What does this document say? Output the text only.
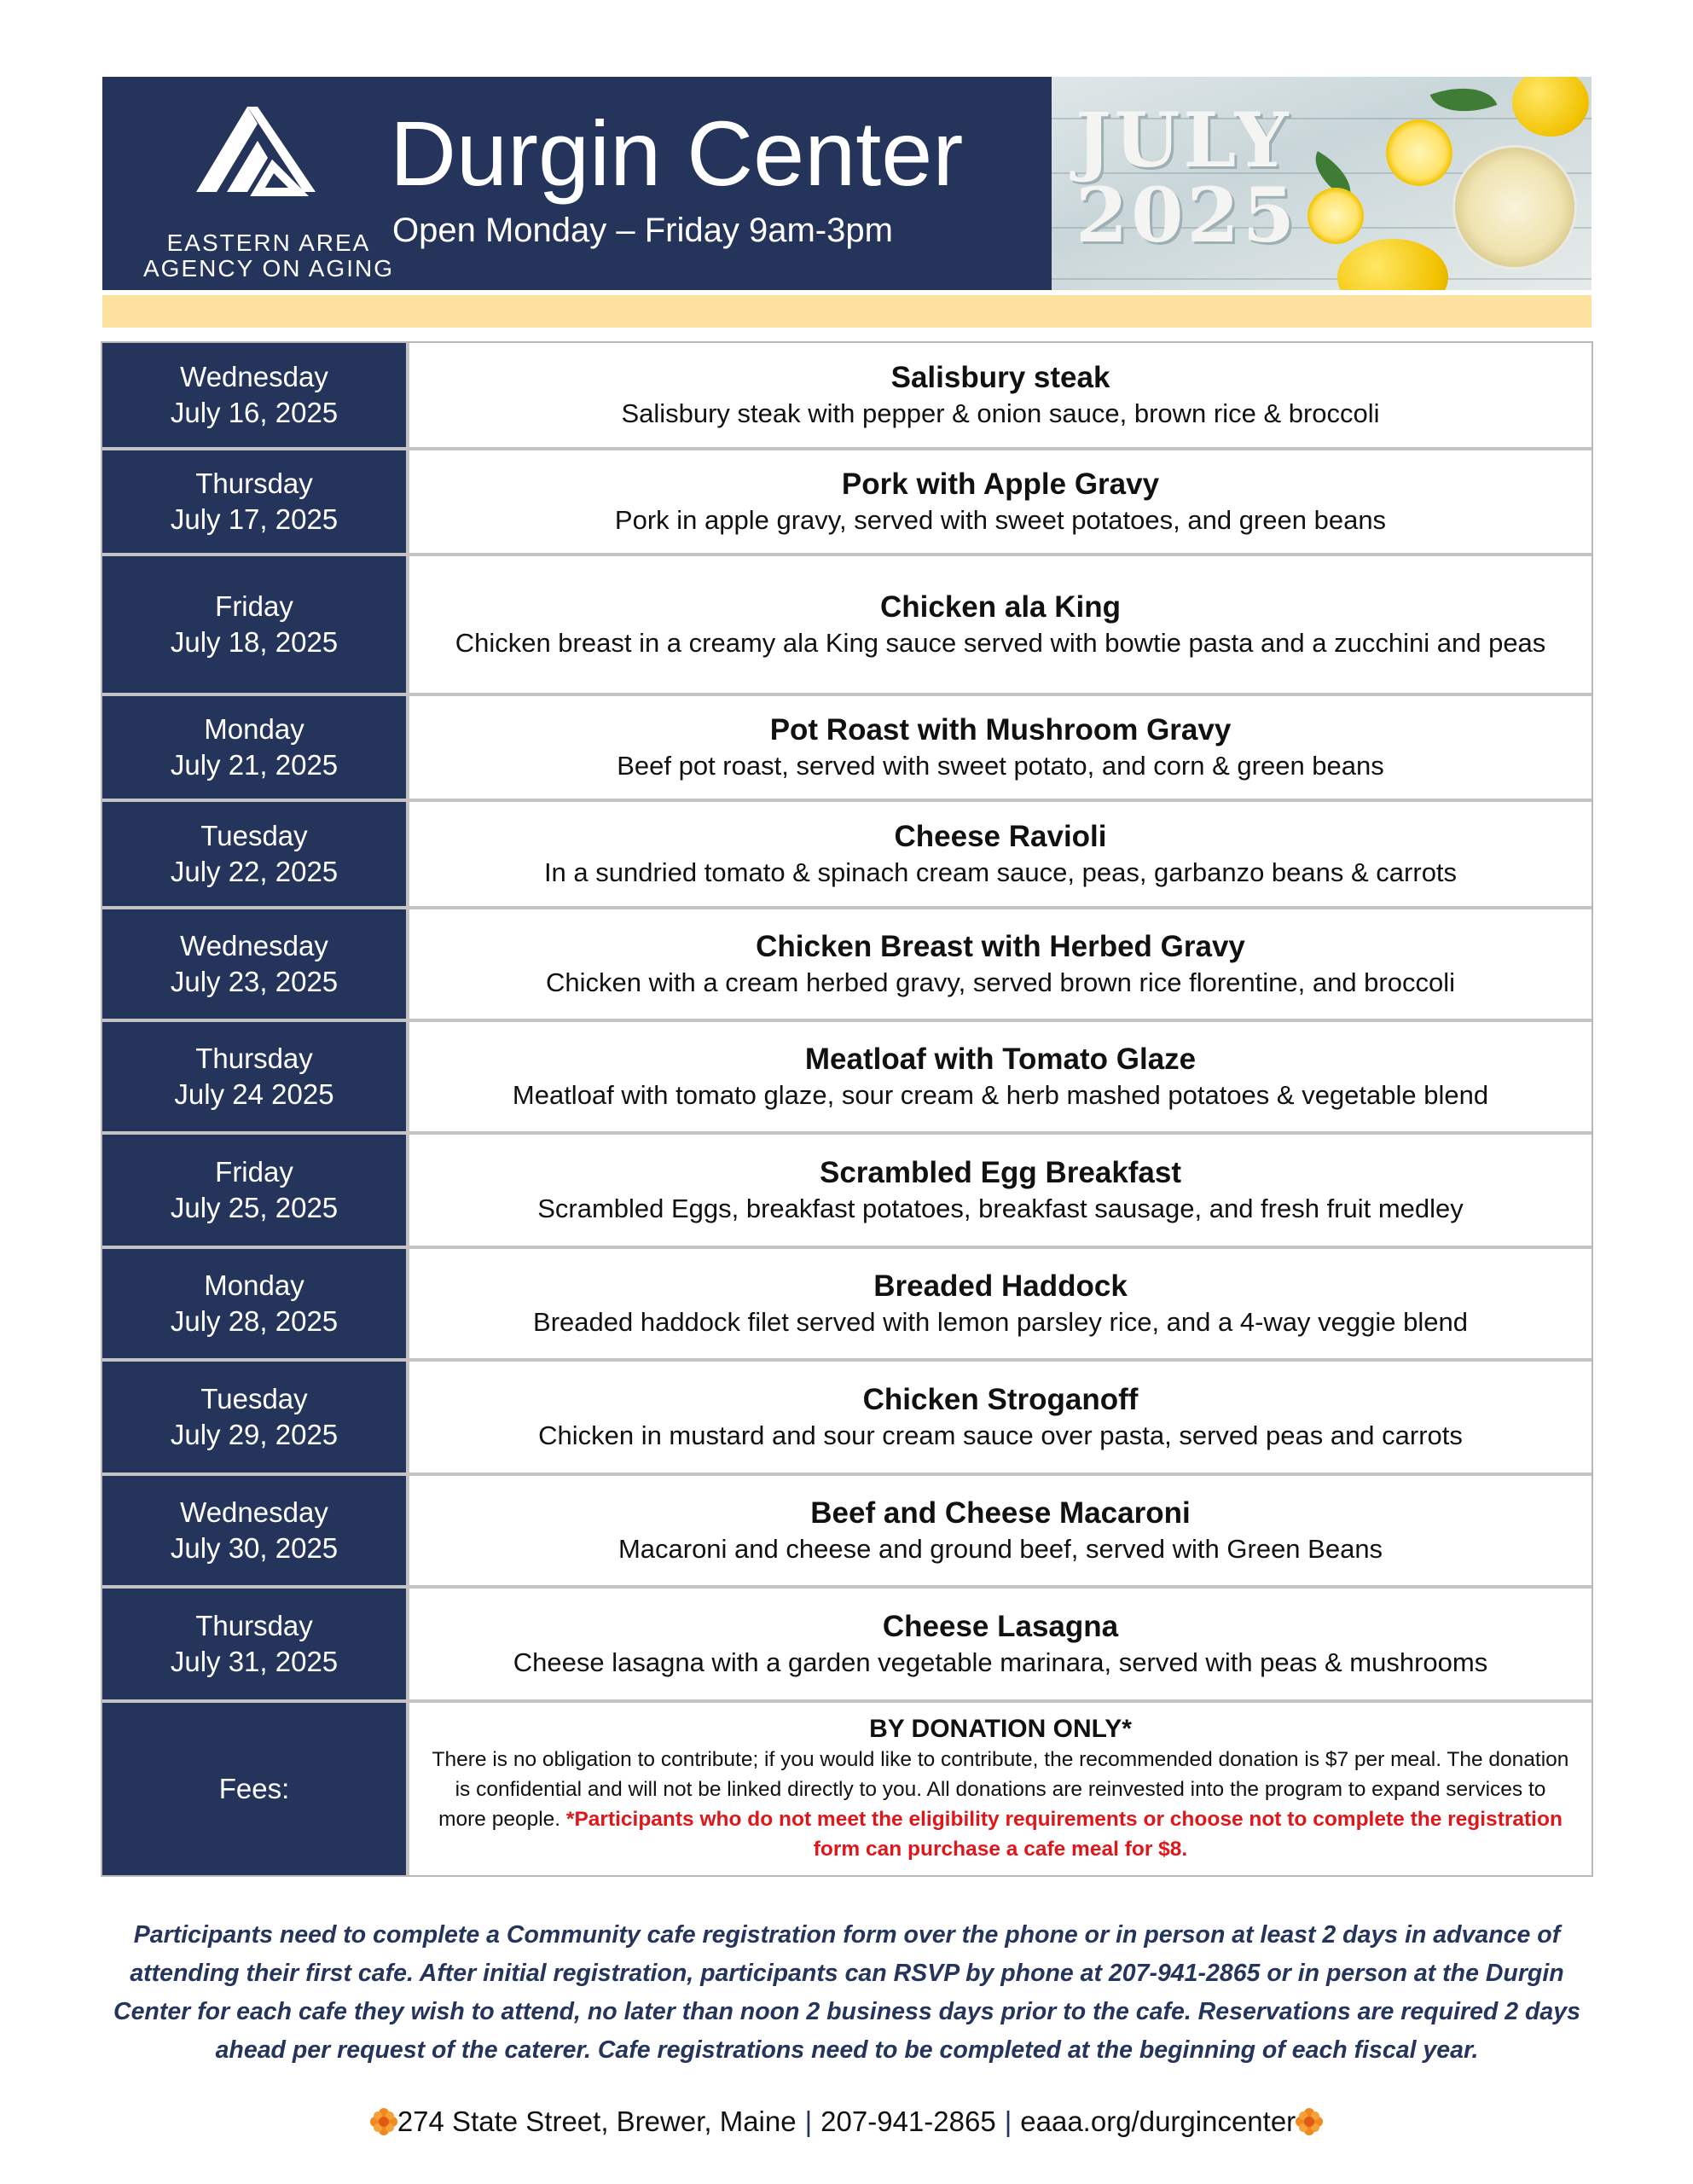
EASTERN AREA
AGENCY ON AGING
Durgin Center
Open Monday – Friday 9am-3pm
JULY
2025
Wednesday
July 16, 2025
Salisbury steak
Salisbury steak with pepper & onion sauce, brown rice & broccoli
Thursday
July 17, 2025
Pork with Apple Gravy
Pork in apple gravy, served with sweet potatoes, and green beans
Friday
July 18, 2025
Chicken ala King
Chicken breast in a creamy ala King sauce served with bowtie pasta and a zucchini and peas
Monday
July 21, 2025
Pot Roast with Mushroom Gravy
Beef pot roast, served with sweet potato, and corn & green beans
Tuesday
July 22, 2025
Cheese Ravioli
In a sundried tomato & spinach cream sauce, peas, garbanzo beans & carrots
Wednesday
July 23, 2025
Chicken Breast with Herbed Gravy
Chicken with a cream herbed gravy, served brown rice florentine, and broccoli
Thursday
July 24 2025
Meatloaf with Tomato Glaze
Meatloaf with tomato glaze, sour cream & herb mashed potatoes & vegetable blend
Friday
July 25, 2025
Scrambled Egg Breakfast
Scrambled Eggs, breakfast potatoes, breakfast sausage, and fresh fruit medley
Monday
July 28, 2025
Breaded Haddock
Breaded haddock filet served with lemon parsley rice, and a 4-way veggie blend
Tuesday
July 29, 2025
Chicken Stroganoff
Chicken in mustard and sour cream sauce over pasta, served peas and carrots
Wednesday
July 30, 2025
Beef and Cheese Macaroni
Macaroni and cheese and ground beef, served with Green Beans
Thursday
July 31, 2025
Cheese Lasagna
Cheese lasagna with a garden vegetable marinara, served with peas & mushrooms
Fees:
BY DONATION ONLY*
There is no obligation to contribute; if you would like to contribute, the recommended donation is $7 per meal. The donation is confidential and will not be linked directly to you. All donations are reinvested into the program to expand services to more people. *Participants who do not meet the eligibility requirements or choose not to complete the registration form can purchase a cafe meal for $8.
Participants need to complete a Community cafe registration form over the phone or in person at least 2 days in advance of attending their first cafe. After initial registration, participants can RSVP by phone at 207-941-2865 or in person at the Durgin Center for each cafe they wish to attend, no later than noon 2 business days prior to the cafe. Reservations are required 2 days ahead per request of the caterer. Cafe registrations need to be completed at the beginning of each fiscal year.
274 State Street, Brewer, Maine | 207-941-2865 | eaaa.org/durgincenter
